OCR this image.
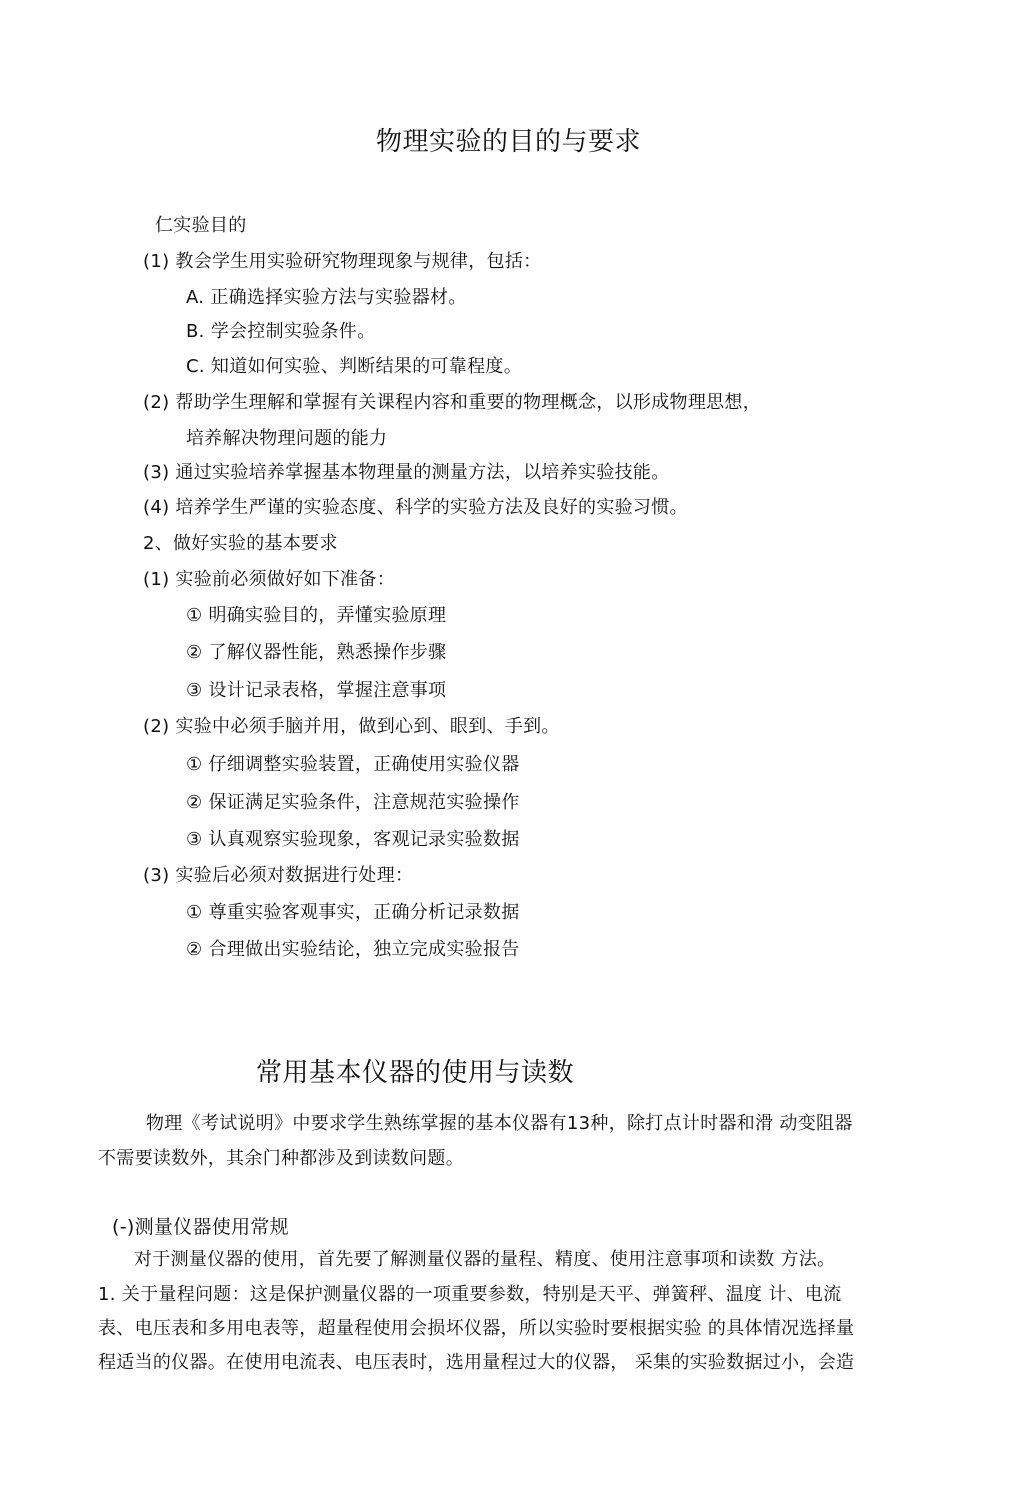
物理实验的目的与要求
仁实验目的
(1) 教会学生用实验研究物理现象与规律，包括：
A. 正确选择实验方法与实验器材。
B. 学会控制实验条件。
C. 知道如何实验、判断结果的可靠程度。
(2) 帮助学生理解和掌握有关课程内容和重要的物理概念，以形成物理思想，
培养解决物理问题的能力
(3) 通过实验培养掌握基本物理量的测量方法，以培养实验技能。
(4) 培养学生严谨的实验态度、科学的实验方法及良好的实验习惯。
2、做好实验的基本要求
(1) 实验前必须做好如下准备：
① 明确实验目的，弄懂实验原理
② 了解仪器性能，熟悉操作步骤
③ 设计记录表格，掌握注意事项
(2) 实验中必须手脑并用，做到心到、眼到、手到。
① 仔细调整实验装置，正确使用实验仪器
② 保证满足实验条件，注意规范实验操作
③ 认真观察实验现象，客观记录实验数据
(3) 实验后必须对数据进行处理：
① 尊重实验客观事实，正确分析记录数据
② 合理做出实验结论，独立完成实验报告
常用基本仪器的使用与读数
物理《考试说明》中要求学生熟练掌握的基本仪器有13种，除打点计时器和滑 动变阻器
不需要读数外，其余门种都涉及到读数问题。
(-)测量仪器使用常规
对于测量仪器的使用，首先要了解测量仪器的量程、精度、使用注意事项和读数 方法。
1. 关于量程问题：这是保护测量仪器的一项重要参数，特别是天平、弹簧秤、温度 计、电流
表、电压表和多用电表等，超量程使用会损坏仪器，所以实验时要根据实验 的具体情况选择量
程适当的仪器。在使用电流表、电压表时，选用量程过大的仪器， 采集的实验数据过小，会造
